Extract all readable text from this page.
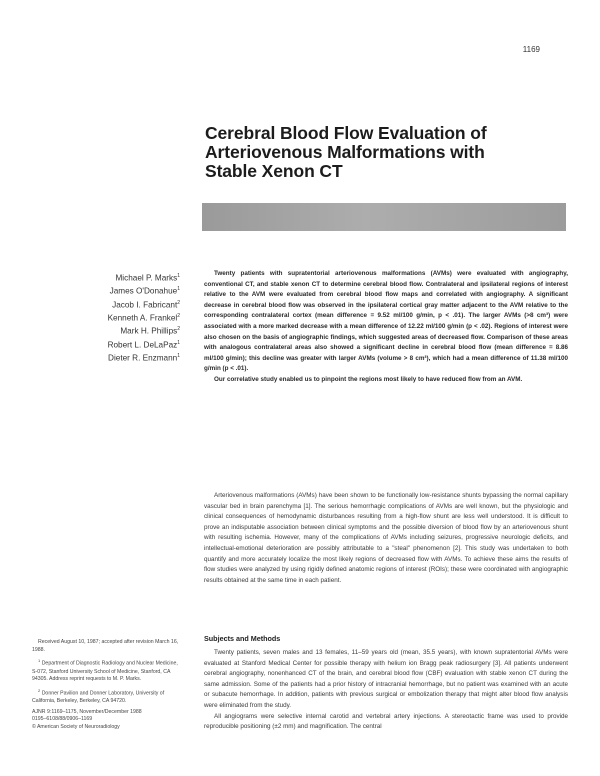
1169
Cerebral Blood Flow Evaluation of
Arteriovenous Malformations with
Stable Xenon CT
Michael P. Marks$^1$
James O'Donahue$^1$
Jacob I. Fabricant$^2$
Kenneth A. Frankel$^2$
Mark H. Phillips$^2$
Robert L. DeLaPaz$^1$
Dieter R. Enzmann$^1$

Twenty patients with supratentorial arteriovenous malformations (AVMs) were evaluated with angiography, conventional CT, and stable xenon CT to determine cerebral blood flow. Contralateral and ipsilateral regions of interest relative to the AVM were evaluated from cerebral blood flow maps and correlated with angiography. A significant decrease in cerebral blood flow was observed in the ipsilateral cortical gray matter adjacent to the AVM relative to the corresponding contralateral cortex (mean difference = 9.52 ml/100 g/min, p < .01). The larger AVMs (>8 cm³) were associated with a more marked decrease with a mean difference of 12.22 ml/100 g/min (p < .02). Regions of interest were also chosen on the basis of angiographic findings, which suggested areas of decreased flow. Comparison of these areas with analogous contralateral areas also showed a significant decline in cerebral blood flow (mean difference = 8.86 ml/100 g/min); this decline was greater with larger AVMs (volume > 8 cm³), which had a mean difference of 11.38 ml/100 g/min (p < .01).

Our correlative study enabled us to pinpoint the regions most likely to have reduced flow from an AVM.

Arteriovenous malformations (AVMs) have been shown to be functionally low-resistance shunts bypassing the normal capillary vascular bed in brain parenchyma [1]. The serious hemorrhagic complications of AVMs are well known, but the physiologic and clinical consequences of hemodynamic disturbances resulting from a high-flow shunt are less well understood. It is difficult to prove an indisputable association between clinical symptoms and the possible diversion of blood flow by an arteriovenous shunt with resulting ischemia. However, many of the complications of AVMs including seizures, progressive neurologic deficits, and intellectual-emotional deterioration are possibly attributable to a "steal" phenomenon [2]. This study was undertaken to both quantify and more accurately localize the most likely regions of decreased flow with AVMs. To achieve these aims the results of flow studies were analyzed by using rigidly defined anatomic regions of interest (ROIs); these were coordinated with angiographic results obtained at the same time in each patient.

Subjects and Methods

Twenty patients, seven males and 13 females, 11–59 years old (mean, 35.5 years), with known supratentorial AVMs were evaluated at Stanford Medical Center for possible therapy with helium ion Bragg peak radiosurgery [3]. All patients underwent cerebral angiography, nonenhanced CT of the brain, and cerebral blood flow (CBF) evaluation with stable xenon CT during the same admission. Some of the patients had a prior history of intracranial hemorrhage, but no patient was examined with an acute or subacute hemorrhage. In addition, patients with previous surgical or embolization therapy that might alter blood flow analysis were eliminated from the study.

All angiograms were selective internal carotid and vertebral artery injections. A stereotactic frame was used to provide reproducible positioning (±2 mm) and magnification. The central

Received August 10, 1987; accepted after revision March 16, 1988.

$^1$ Department of Diagnostic Radiology and Nuclear Medicine, S-072, Stanford University School of Medicine, Stanford, CA 94305. Address reprint requests to M. P. Marks.

$^2$ Donner Pavilion and Donner Laboratory, University of California, Berkeley, Berkeley, CA 94720.

AJNR 9:1169–1175, November/December 1988

0195–6108/88/0906–1169

© American Society of Neuroradiology
